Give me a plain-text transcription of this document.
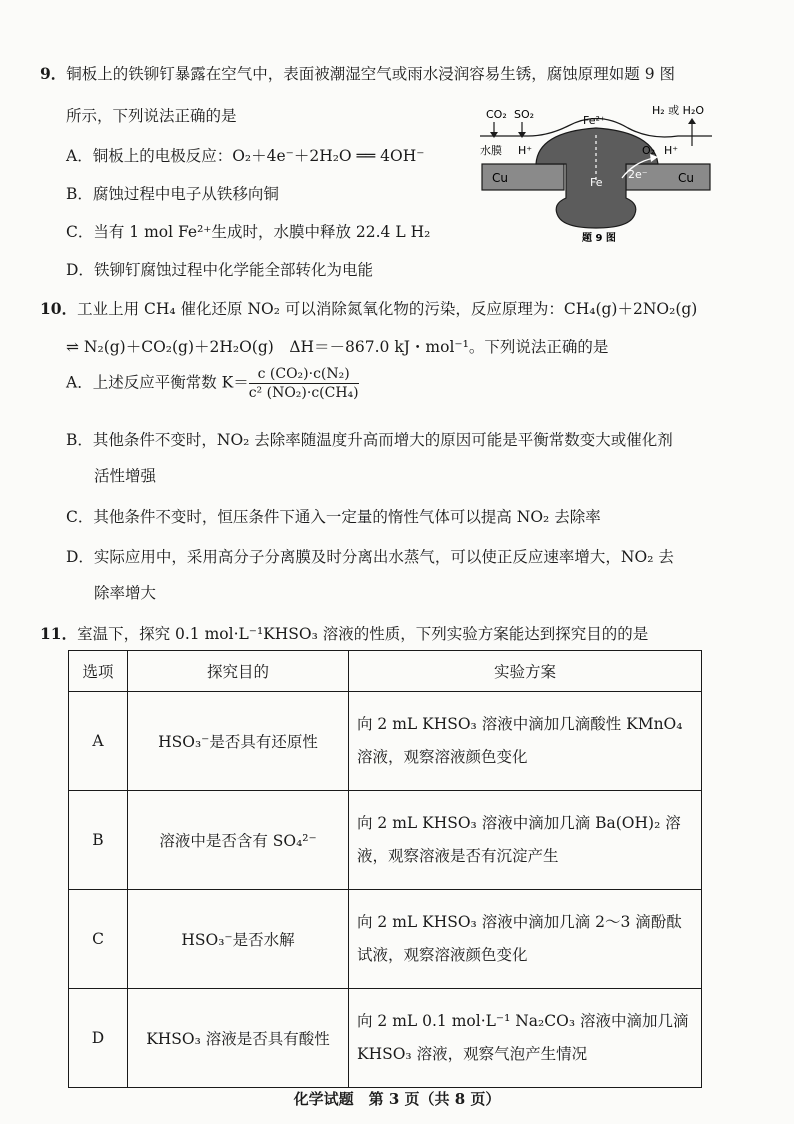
9．铜板上的铁铆钉暴露在空气中，表面被潮湿空气或雨水浸润容易生锈，腐蚀原理如题 9 图
所示，下列说法正确的是
A．铜板上的电极反应：O₂＋4e⁻＋2H₂O ══ 4OH⁻
B．腐蚀过程中电子从铁移向铜
C．当有 1 mol Fe²⁺生成时，水膜中释放 22.4 L H₂
D．铁铆钉腐蚀过程中化学能全部转化为电能
CO₂ SO₂	Fe²⁺
H₂ 或 H₂O
水膜 H⁺	O₂ H⁺
Cu	Fe
2e⁻	Cu
题 9 图
10．工业上用 CH₄ 催化还原 NO₂ 可以消除氮氧化物的污染，反应原理为：CH₄(g)＋2NO₂(g)
⇌ N₂(g)＋CO₂(g)＋2H₂O(g)　ΔH＝－867.0 kJ・mol⁻¹。下列说法正确的是
A．上述反应平衡常数 $K= \frac{\text{c (CO₂)·c(N₂)}}{\text{c² (NO₂)·c(CH₄)}}$
B．其他条件不变时，NO₂ 去除率随温度升高而增大的原因可能是平衡常数变大或催化剂
活性增强
C．其他条件不变时，恒压条件下通入一定量的惰性气体可以提高 NO₂ 去除率
D．实际应用中，采用高分子分离膜及时分离出水蒸气，可以使正反应速率增大，NO₂ 去
除率增大
11．室温下，探究 0.1 mol·L⁻¹KHSO₃ 溶液的性质，下列实验方案能达到探究目的的是
选项	探究目的	实验方案
A	HSO₃⁻是否具有还原性	向 2 mL KHSO₃ 溶液中滴加几滴酸性 KMnO₄ 溶液，观察溶液颜色变化
B	溶液中是否含有 SO₄²⁻	向 2 mL KHSO₃ 溶液中滴加几滴 Ba(OH)₂ 溶液，观察溶液是否有沉淀产生
C	HSO₃⁻是否水解	向 2 mL KHSO₃ 溶液中滴加几滴 2～3 滴酚酞试液，观察溶液颜色变化
D	KHSO₃ 溶液是否具有酸性	向 2 mL 0.1 mol·L⁻¹ Na₂CO₃ 溶液中滴加几滴 KHSO₃ 溶液，观察气泡产生情况
化学试题　第 3 页（共 8 页）
